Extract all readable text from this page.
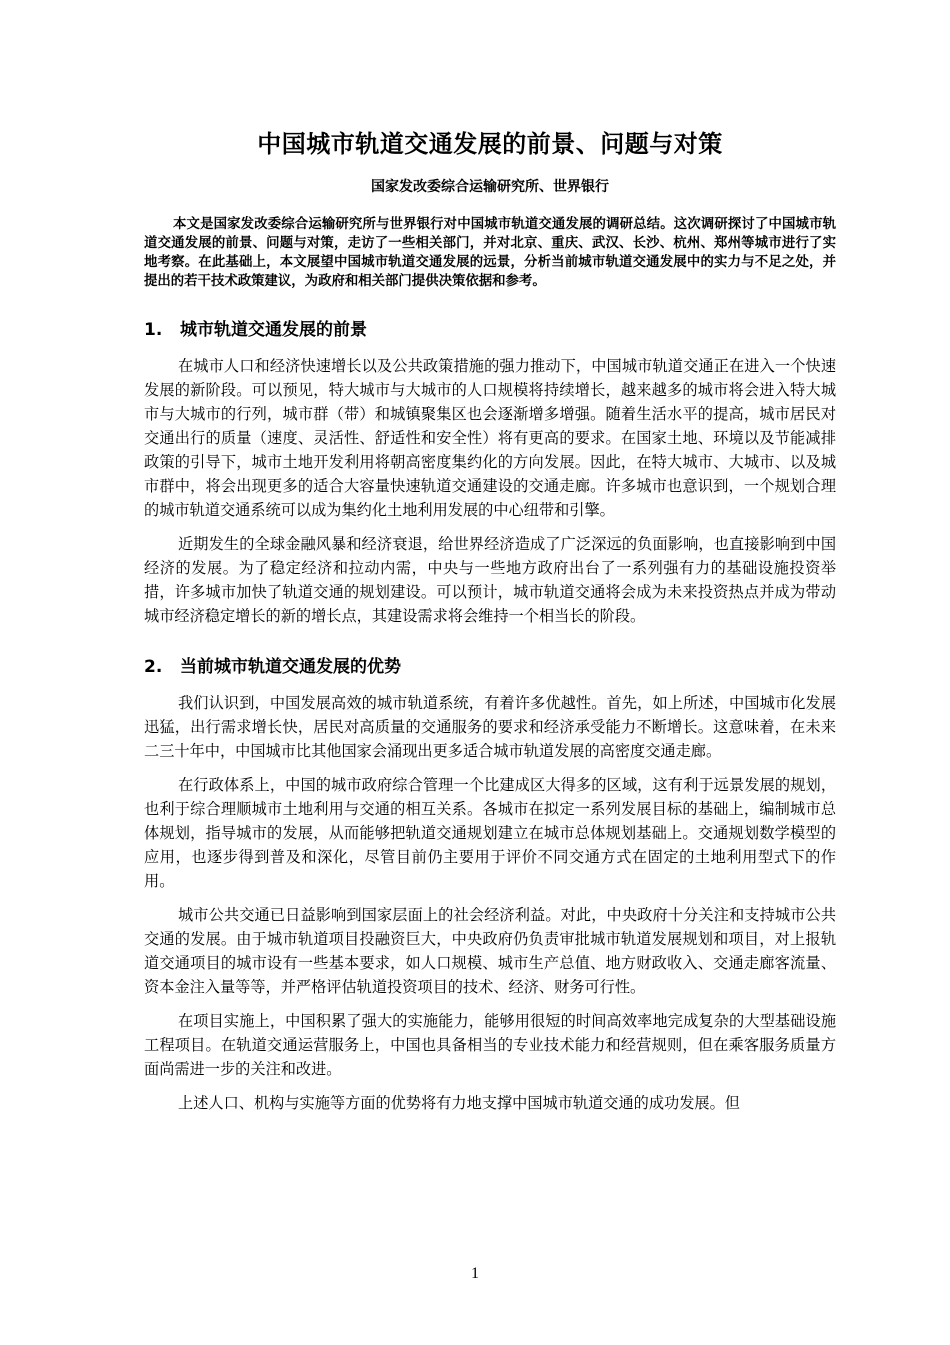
中国城市轨道交通发展的前景、问题与对策
国家发改委综合运输研究所、世界银行

本文是国家发改委综合运输研究所与世界银行对中国城市轨道交通发展的调研总结。这次调研探讨了中国城市轨道交通发展的前景、问题与对策，走访了一些相关部门，并对北京、重庆、武汉、长沙、杭州、郑州等城市进行了实地考察。在此基础上，本文展望中国城市轨道交通发展的远景，分析当前城市轨道交通发展中的实力与不足之处，并提出的若干技术政策建议，为政府和相关部门提供决策依据和参考。

1. 城市轨道交通发展的前景

在城市人口和经济快速增长以及公共政策措施的强力推动下，中国城市轨道交通正在进入一个快速发展的新阶段。可以预见，特大城市与大城市的人口规模将持续增长，越来越多的城市将会进入特大城市与大城市的行列，城市群（带）和城镇聚集区也会逐渐增多增强。随着生活水平的提高，城市居民对交通出行的质量（速度、灵活性、舒适性和安全性）将有更高的要求。在国家土地、环境以及节能减排政策的引导下，城市土地开发利用将朝高密度集约化的方向发展。因此，在特大城市、大城市、以及城市群中，将会出现更多的适合大容量快速轨道交通建设的交通走廊。许多城市也意识到，一个规划合理的城市轨道交通系统可以成为集约化土地利用发展的中心纽带和引擎。

近期发生的全球金融风暴和经济衰退，给世界经济造成了广泛深远的负面影响，也直接影响到中国经济的发展。为了稳定经济和拉动内需，中央与一些地方政府出台了一系列强有力的基础设施投资举措，许多城市加快了轨道交通的规划建设。可以预计，城市轨道交通将会成为未来投资热点并成为带动城市经济稳定增长的新的增长点，其建设需求将会维持一个相当长的阶段。

2. 当前城市轨道交通发展的优势

我们认识到，中国发展高效的城市轨道系统，有着许多优越性。首先，如上所述，中国城市化发展迅猛，出行需求增长快，居民对高质量的交通服务的要求和经济承受能力不断增长。这意味着，在未来二三十年中，中国城市比其他国家会涌现出更多适合城市轨道发展的高密度交通走廊。

在行政体系上，中国的城市政府综合管理一个比建成区大得多的区域，这有利于远景发展的规划，也利于综合理顺城市土地利用与交通的相互关系。各城市在拟定一系列发展目标的基础上，编制城市总体规划，指导城市的发展，从而能够把轨道交通规划建立在城市总体规划基础上。交通规划数学模型的应用，也逐步得到普及和深化，尽管目前仍主要用于评价不同交通方式在固定的土地利用型式下的作用。

城市公共交通已日益影响到国家层面上的社会经济利益。对此，中央政府十分关注和支持城市公共交通的发展。由于城市轨道项目投融资巨大，中央政府仍负责审批城市轨道发展规划和项目，对上报轨道交通项目的城市设有一些基本要求，如人口规模、城市生产总值、地方财政收入、交通走廊客流量、资本金注入量等等，并严格评估轨道投资项目的技术、经济、财务可行性。

在项目实施上，中国积累了强大的实施能力，能够用很短的时间高效率地完成复杂的大型基础设施工程项目。在轨道交通运营服务上，中国也具备相当的专业技术能力和经营规则，但在乘客服务质量方面尚需进一步的关注和改进。

上述人口、机构与实施等方面的优势将有力地支撑中国城市轨道交通的成功发展。但

1
